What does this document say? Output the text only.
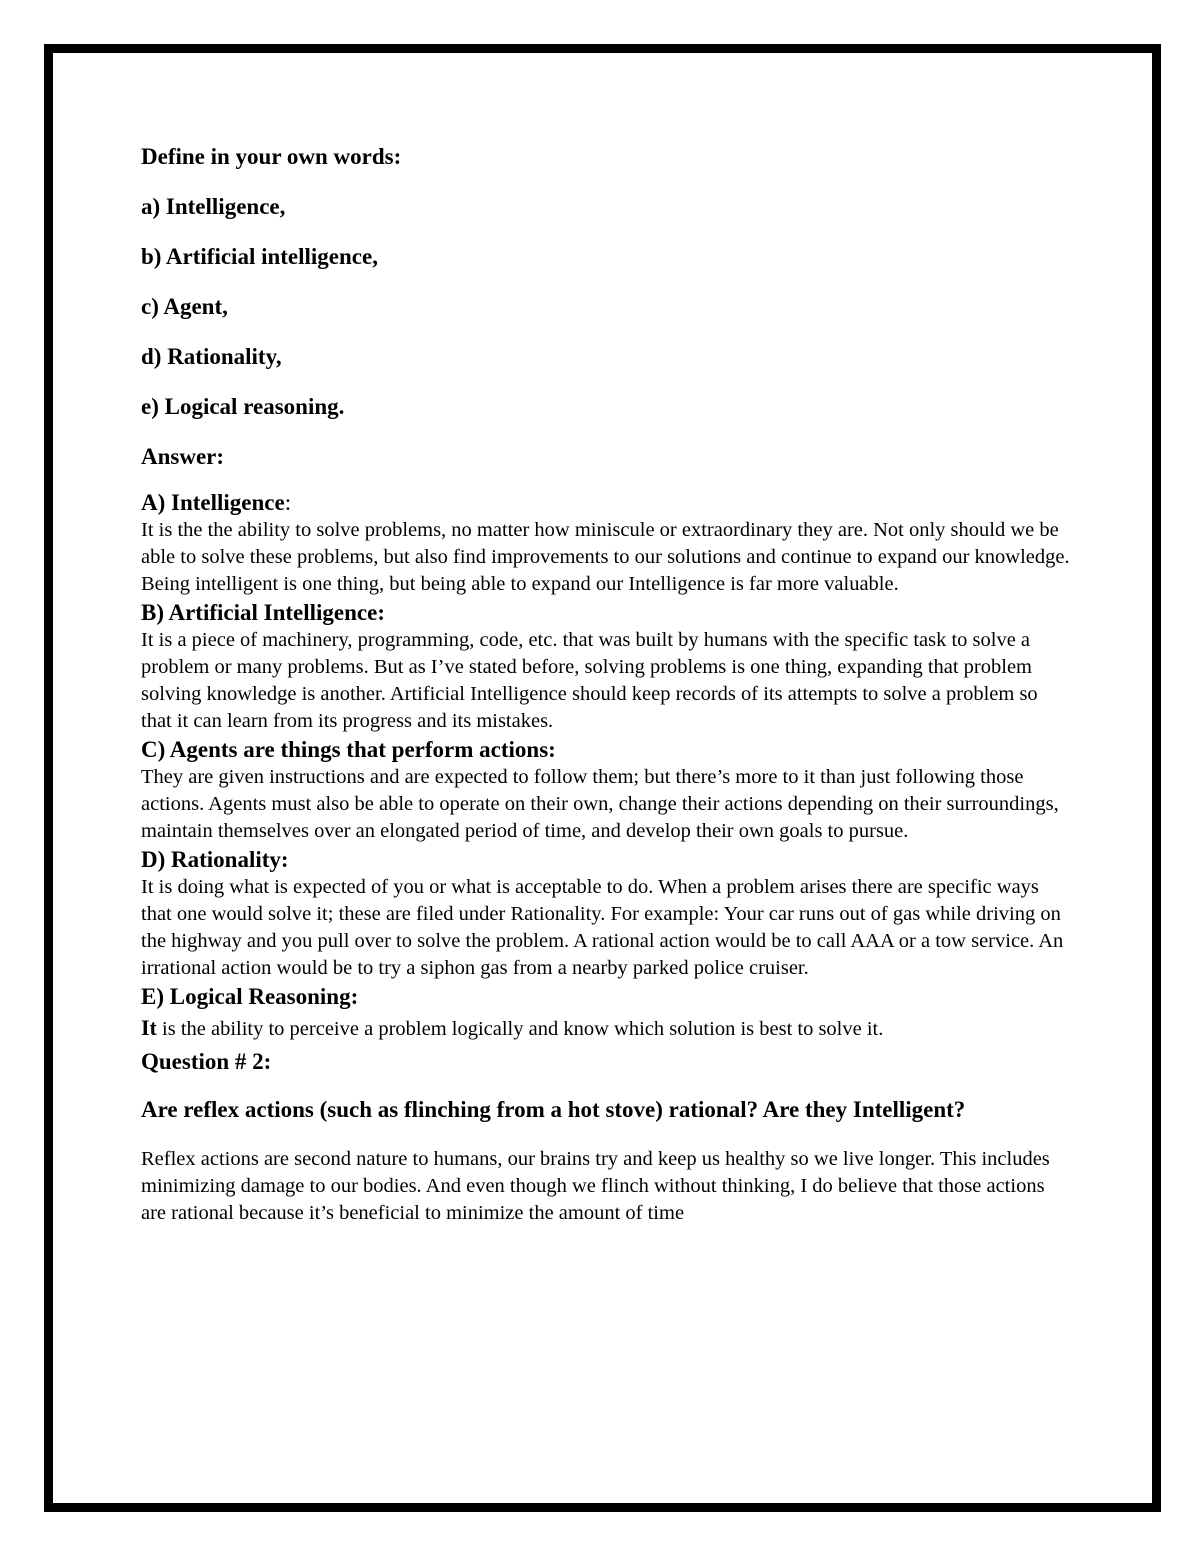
Define in your own words:

a) Intelligence,

b) Artificial intelligence,

c) Agent,

d) Rationality,

e) Logical reasoning.

Answer:

A) Intelligence:

It is the the ability to solve problems, no matter how miniscule or extraordinary they are. Not only should we be able to solve these problems, but also find improvements to our solutions and continue to expand our knowledge. Being intelligent is one thing, but being able to expand our Intelligence is far more valuable.

B) Artificial Intelligence:

It is a piece of machinery, programming, code, etc. that was built by humans with the specific task to solve a problem or many problems. But as I’ve stated before, solving problems is one thing, expanding that problem solving knowledge is another. Artificial Intelligence should keep records of its attempts to solve a problem so that it can learn from its progress and its mistakes.

C) Agents are things that perform actions:

They are given instructions and are expected to follow them; but there’s more to it than just following those actions. Agents must also be able to operate on their own, change their actions depending on their surroundings, maintain themselves over an elongated period of time, and develop their own goals to pursue.

D) Rationality:

It is doing what is expected of you or what is acceptable to do. When a problem arises there are specific ways that one would solve it; these are filed under Rationality. For example: Your car runs out of gas while driving on the highway and you pull over to solve the problem. A rational action would be to call AAA or a tow service. An irrational action would be to try a siphon gas from a nearby parked police cruiser.

E) Logical Reasoning:

It is the ability to perceive a problem logically and know which solution is best to solve it.

Question # 2:

Are reflex actions (such as flinching from a hot stove) rational? Are they Intelligent?

Reflex actions are second nature to humans, our brains try and keep us healthy so we live longer. This includes minimizing damage to our bodies. And even though we flinch without thinking, I do believe that those actions are rational because it’s beneficial to minimize the amount of time
